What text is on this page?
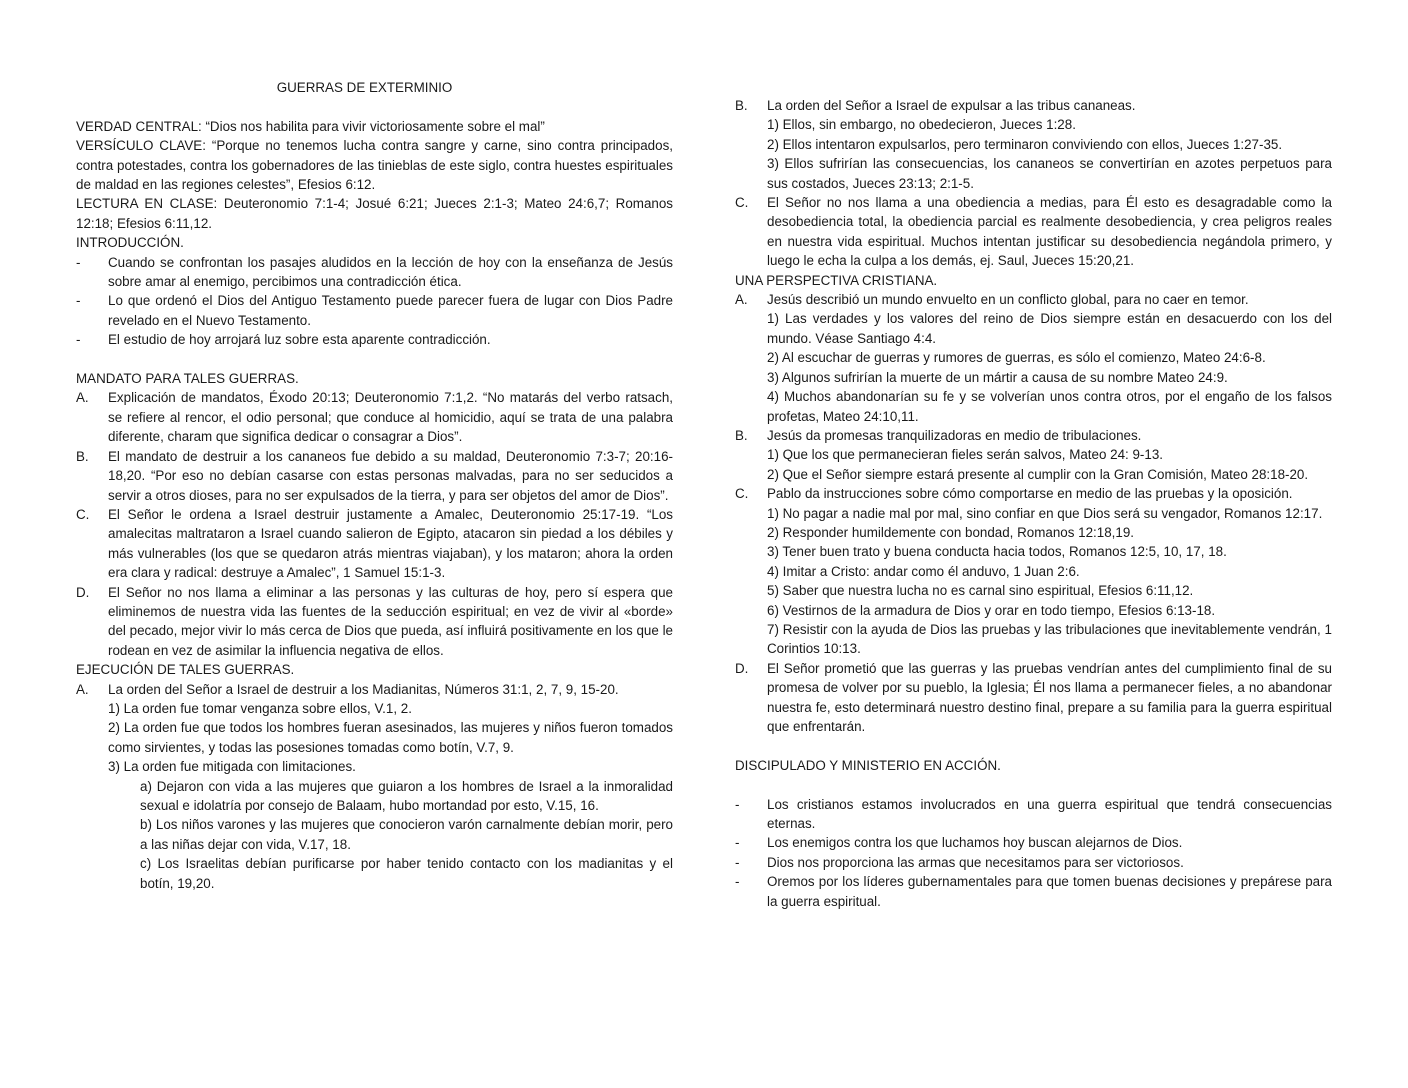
GUERRAS DE EXTERMINIO
VERDAD CENTRAL: “Dios nos habilita para vivir victoriosamente sobre el mal”
VERSÍCULO CLAVE: “Porque no tenemos lucha contra sangre y carne, sino contra principados, contra potestades, contra los gobernadores de las tinieblas de este siglo, contra huestes espirituales de maldad en las regiones celestes”, Efesios 6:12.
LECTURA EN CLASE: Deuteronomio 7:1-4; Josué 6:21; Jueces 2:1-3; Mateo 24:6,7; Romanos 12:18; Efesios 6:11,12.
INTRODUCCIÓN.
-	Cuando se confrontan los pasajes aludidos en la lección de hoy con la enseñanza de Jesús sobre amar al enemigo, percibimos una contradicción ética.
-	Lo que ordenó el Dios del Antiguo Testamento puede parecer fuera de lugar con Dios Padre revelado en el Nuevo Testamento.
-	El estudio de hoy arrojará luz sobre esta aparente contradicción.
MANDATO PARA TALES GUERRAS.
A.	Explicación de mandatos, Éxodo 20:13; Deuteronomio 7:1,2. “No matarás del verbo ratsach, se refiere al rencor, el odio personal; que conduce al homicidio, aquí se trata de una palabra diferente, charam que significa dedicar o consagrar a Dios”.
B.	El mandato de destruir a los cananeos fue debido a su maldad, Deuteronomio 7:3-7; 20:16-18,20. “Por eso no debían casarse con estas personas malvadas, para no ser seducidos a servir a otros dioses, para no ser expulsados de la tierra, y para ser objetos del amor de Dios”.
C.	El Señor le ordena a Israel destruir justamente a Amalec, Deuteronomio 25:17-19. “Los amalecitas maltrataron a Israel cuando salieron de Egipto, atacaron sin piedad a los débiles y más vulnerables (los que se quedaron atrás mientras viajaban), y los mataron; ahora la orden era clara y radical: destruye a Amalec”, 1 Samuel 15:1-3.
D.	El Señor no nos llama a eliminar a las personas y las culturas de hoy, pero sí espera que eliminemos de nuestra vida las fuentes de la seducción espiritual; en vez de vivir al «borde» del pecado, mejor vivir lo más cerca de Dios que pueda, así influirá positivamente en los que le rodean en vez de asimilar la influencia negativa de ellos.
EJECUCIÓN DE TALES GUERRAS.
A.	La orden del Señor a Israel de destruir a los Madianitas, Números 31:1, 2, 7, 9, 15-20.
1) La orden fue tomar venganza sobre ellos, V.1, 2.
2) La orden fue que todos los hombres fueran asesinados, las mujeres y niños fueron tomados como sirvientes, y todas las posesiones tomadas como botín, V.7, 9.
3) La orden fue mitigada con limitaciones.
a) Dejaron con vida a las mujeres que guiaron a los hombres de Israel a la inmoralidad sexual e idolatría por consejo de Balaam, hubo mortandad por esto, V.15, 16.
b) Los niños varones y las mujeres que conocieron varón carnalmente debían morir, pero a las niñas dejar con vida, V.17, 18.
c) Los Israelitas debían purificarse por haber tenido contacto con los madianitas y el botín, 19,20.
B.	La orden del Señor a Israel de expulsar a las tribus cananeas.
1) Ellos, sin embargo, no obedecieron, Jueces 1:28.
2) Ellos intentaron expulsarlos, pero terminaron conviviendo con ellos, Jueces 1:27-35.
3) Ellos sufrirían las consecuencias, los cananeos se convertirían en azotes perpetuos para sus costados, Jueces 23:13; 2:1-5.
C.	El Señor no nos llama a una obediencia a medias, para Él esto es desagradable como la desobediencia total, la obediencia parcial es realmente desobediencia, y crea peligros reales en nuestra vida espiritual. Muchos intentan justificar su desobediencia negándola primero, y luego le echa la culpa a los demás, ej. Saul, Jueces 15:20,21.
UNA PERSPECTIVA CRISTIANA.
A.	Jesús describió un mundo envuelto en un conflicto global, para no caer en temor.
1) Las verdades y los valores del reino de Dios siempre están en desacuerdo con los del mundo. Véase Santiago 4:4.
2) Al escuchar de guerras y rumores de guerras, es sólo el comienzo, Mateo 24:6-8.
3) Algunos sufrirían la muerte de un mártir a causa de su nombre Mateo 24:9.
4) Muchos abandonarían su fe y se volverían unos contra otros, por el engaño de los falsos profetas, Mateo 24:10,11.
B.	Jesús da promesas tranquilizadoras en medio de tribulaciones.
1) Que los que permanecieran fieles serán salvos, Mateo 24: 9-13.
2) Que el Señor siempre estará presente al cumplir con la Gran Comisión, Mateo 28:18-20.
C.	Pablo da instrucciones sobre cómo comportarse en medio de las pruebas y la oposición.
1) No pagar a nadie mal por mal, sino confiar en que Dios será su vengador, Romanos 12:17.
2) Responder humildemente con bondad, Romanos 12:18,19.
3) Tener buen trato y buena conducta hacia todos, Romanos 12:5, 10, 17, 18.
4) Imitar a Cristo: andar como él anduvo, 1 Juan 2:6.
5) Saber que nuestra lucha no es carnal sino espiritual, Efesios 6:11,12.
6) Vestirnos de la armadura de Dios y orar en todo tiempo, Efesios 6:13-18.
7) Resistir con la ayuda de Dios las pruebas y las tribulaciones que inevitablemente vendrán, 1 Corintios 10:13.
D.	El Señor prometió que las guerras y las pruebas vendrían antes del cumplimiento final de su promesa de volver por su pueblo, la Iglesia; Él nos llama a permanecer fieles, a no abandonar nuestra fe, esto determinará nuestro destino final, prepare a su familia para la guerra espiritual que enfrentarán.
DISCIPULADO Y MINISTERIO EN ACCIÓN.
-	Los cristianos estamos involucrados en una guerra espiritual que tendrá consecuencias eternas.
-	Los enemigos contra los que luchamos hoy buscan alejarnos de Dios.
-	Dios nos proporciona las armas que necesitamos para ser victoriosos.
-	Oremos por los líderes gubernamentales para que tomen buenas decisiones y prepárese para la guerra espiritual.
